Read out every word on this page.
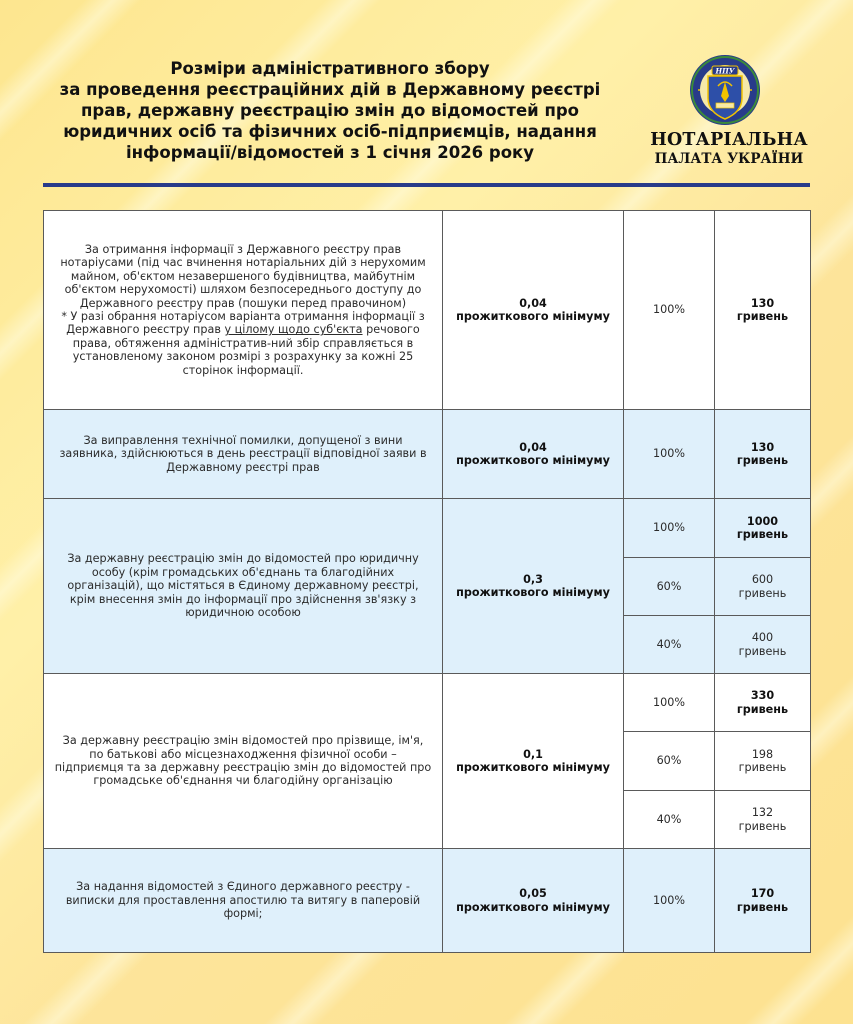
Розміри адміністративного збору
за проведення реєстраційних дій в Державному реєстрі
прав, державну реєстрацію змін до відомостей про
юридичних осіб та фізичних осіб-підприємців, надання
інформації/відомостей з 1 січня 2026 року
НПУ
НОТАРІАЛЬНА
ПАЛАТА УКРАЇНИ
За отримання інформації з Державного реєстру прав нотаріусами (під час вчинення нотаріальних дій з нерухомим майном, об'єктом незавершеного будівництва, майбутнім об'єктом нерухомості) шляхом безпосереднього доступу до Державного реєстру прав (пошуки перед правочином)
* У разі обрання нотаріусом варіанта отримання інформації з Державного реєстру прав у цілому щодо суб'єкта речового права, обтяження адміністратив-ний збір справляється в установленому законом розмірі з розрахунку за кожні 25 сторінок інформації.	0,04
прожиткового мінімуму	100%	130
гривень
За виправлення технічної помилки, допущеної з вини заявника, здійснюються в день реєстрації відповідної заяви в Державному реєстрі прав	0,04
прожиткового мінімуму	100%	130
гривень
За державну реєстрацію змін до відомостей про юридичну особу (крім громадських об'єднань та благодійних організацій), що містяться в Єдиному державному реєстрі, крім внесення змін до інформації про здійснення зв'язку з юридичною особою	0,3
прожиткового мінімуму	100%	1000
гривень
		60%	600
гривень
		40%	400
гривень
За державну реєстрацію змін відомостей про прізвище, ім'я, по батькові або місцезнаходження фізичної особи – підприємця та за державну реєстрацію змін до відомостей про громадське об'єднання чи благодійну організацію	0,1
прожиткового мінімуму	100%	330
гривень
		60%	198
гривень
		40%	132
гривень
За надання відомостей з Єдиного державного реєстру - виписки для проставлення апостилю та витягу в паперовій формі;	0,05
прожиткового мінімуму	100%	170
гривень
